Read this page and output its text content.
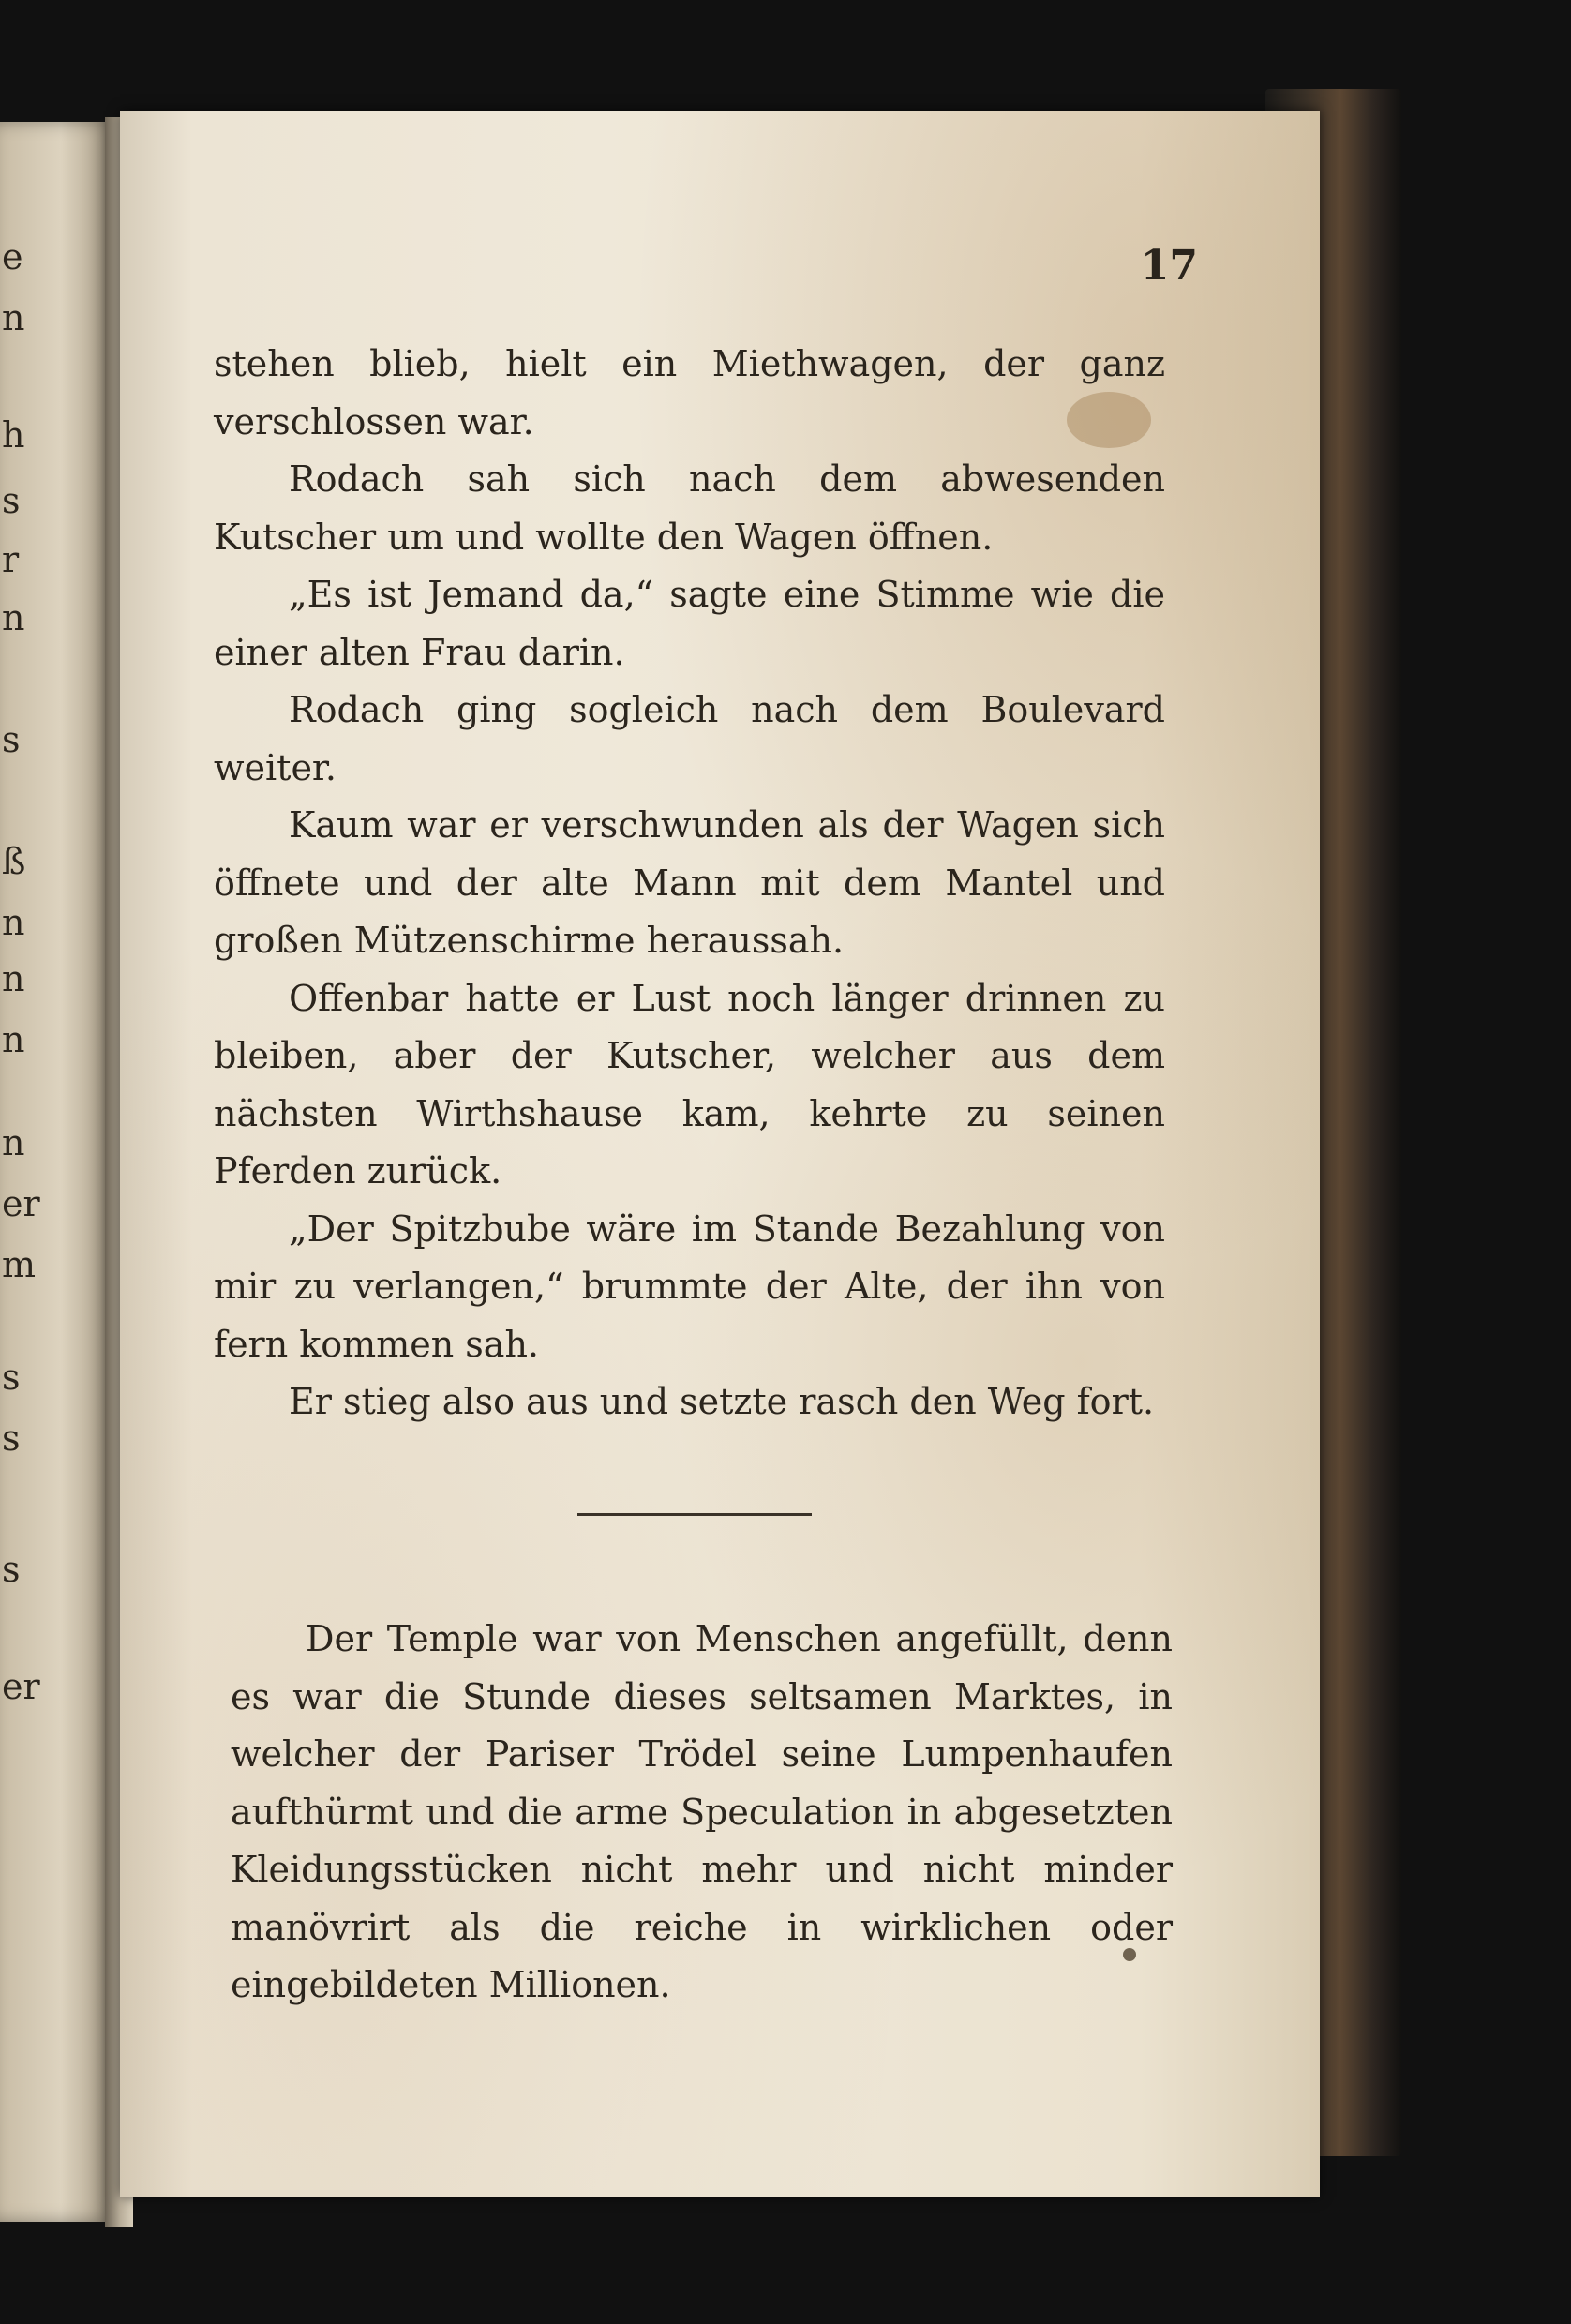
e
n
h
s
r
n
s
ß
n
n
n
n
er
m
s
s
s
er
17

stehen blieb, hielt ein Miethwagen, der ganz verschlossen war.

Rodach sah sich nach dem abwesenden Kutscher um und wollte den Wagen öffnen.

„Es ist Jemand da,“ sagte eine Stimme wie die einer alten Frau darin.

Rodach ging sogleich nach dem Boulevard weiter.

Kaum war er verschwunden als der Wagen sich öffnete und der alte Mann mit dem Mantel und großen Mützenschirme heraussah.

Offenbar hatte er Lust noch länger drinnen zu bleiben, aber der Kutscher, welcher aus dem nächsten Wirthshause kam, kehrte zu seinen Pferden zurück.

„Der Spitzbube wäre im Stande Bezahlung von mir zu verlangen,“ brummte der Alte, der ihn von fern kommen sah.

Er stieg also aus und setzte rasch den Weg fort.

Der Temple war von Menschen angefüllt, denn es war die Stunde dieses seltsamen Marktes, in welcher der Pariser Trödel seine Lumpenhaufen aufthürmt und die arme Speculation in abgesetzten Kleidungsstücken nicht mehr und nicht minder manövrirt als die reiche in wirklichen oder eingebildeten Millionen.
